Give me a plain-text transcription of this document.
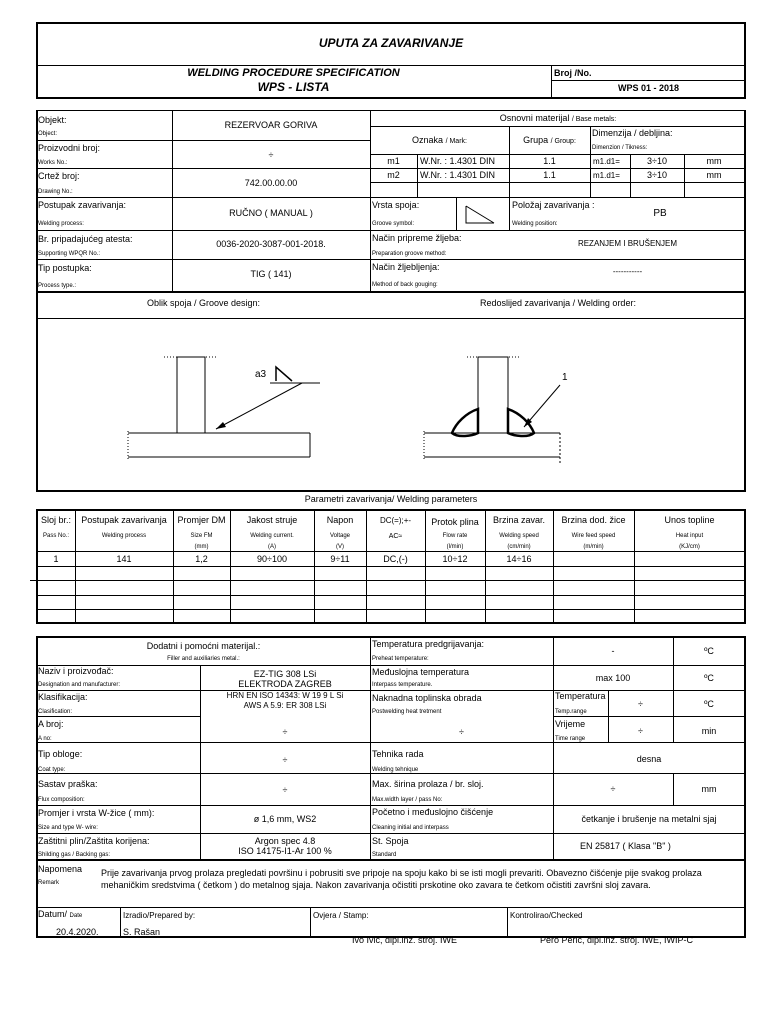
UPUTA ZA ZAVARIVANJE
WELDING PROCEDURE SPECIFICATION
WPS - LISTA
Broj /No.
WPS 01 - 2018
Objekt:
Object:
REZERVOAR GORIVA
Proizvodni broj:
Works No.:
÷
Crtež broj:
Drawing No.:
742.00.00.00
Postupak zavarivanja:
Welding process:
RUČNO ( MANUAL )
Br. pripadajućeg atesta:
Supporting WPQR No.:
0036-2020-3087-001-2018.
Tip postupka:
Process type.:
TIG ( 141)
Osnovni materijal / Base metals:
Oznaka / Mark:	Grupa / Group:
Dimenzija / debljina:
Dimenzion / Tikness:
m1	W.Nr. : 1.4301 DIN	1.1	m1.d1=	3÷10	mm
m2	W.Nr. : 1.4301 DIN	1.1	m1.d1=	3÷10	mm
Vrsta spoja:
Groove symbol:
Položaj zavarivanja :
Welding position:
PB
Način pripreme žljeba:
Preparation groove method:
REZANJEM I BRUŠENJEM
Način žljebljenja:
Method of back gouging:
-----------
Oblik spoja / Groove design:	Redoslijed zavarivanja / Welding order:
a3	1
Parametri zavarivanja/ Welding parameters
Sloj br.:
Pass No.:
Postupak zavarivanja
Welding process
Promjer DM
Size FM
(mm)
Jakost struje
Welding current.
(A)
Napon
Voltage
(V)
DC(=);+-
AC≈
Protok plina
Flow rate
(l/min)
Brzina zavar.
Welding speed
(cm/min)
Brzina dod. žice
Wire feed speed
(m/min)
Unos topline
Heat input
(KJ/cm)
1	141	1,2	90÷100	9÷11	DC,(-)	10÷12	14÷16
Dodatni i pomoćni materijal.:
Filler and auxiliaries metal.:
Naziv i proizvođač:
Designation and manufacturer:
EZ-TIG 308 LSi
ELEKTRODA ZAGREB
Klasifikacija:
Clasification:
HRN EN ISO 14343: W 19 9 L Si
AWS A 5.9: ER 308 LSi
A broj:
A no:
÷
Tip obloge:
Coat type:
÷
Sastav praška:
Flux composition:
÷
Promjer i vrsta W-žice ( mm):
Size and type W- wire:
ø 1,6 mm, WS2
Zaštitni plin/Zaštita korijena:
Shilding gas / Backing gas:
Argon spec 4.8
ISO 14175-I1-Ar 100 %
Temperatura predgrijavanja:
Preheat temperature:
-	ºC
Međuslojna temperatura
Interpass temperature.
max 100	ºC
Naknadna toplinska obrada
Postwelding heat tretment
÷
Temperatura
Temp.range
÷	ºC
Vrijeme
Time range
÷	min
Tehnika rada
Welding tehnique
desna
Max. širina prolaza / br. sloj.
Max.width layer / pass No:
÷	mm
Početno i međuslojno čišćenje
Cleaning initial and interpass
četkanje i brušenje na metalni sjaj
St. Spoja
Standard
EN 25817 ( Klasa "B" )
Napomena
Remark
Prije zavarivanja prvog prolaza pregledati površinu i pobrusiti sve pripoje na spoju kako bi se isti mogli prevariti. Obavezno čišćenje pije svakog prolaza mehaničkim sredstvima ( četkom ) do metalnog sjaja. Nakon zavarivanja očistiti prskotine oko zavara te četkom očistiti završni sloj zavara.
Datum/ Date
20.4.2020.
Izradio/Prepared by:
S. Rašan
Ovjera / Stamp:
Ivo Ivić, dipl.inž. stroj. IWE
Kontrolirao/Checked
Pero Perić, dipl.inž. stroj. IWE, IWIP-C
